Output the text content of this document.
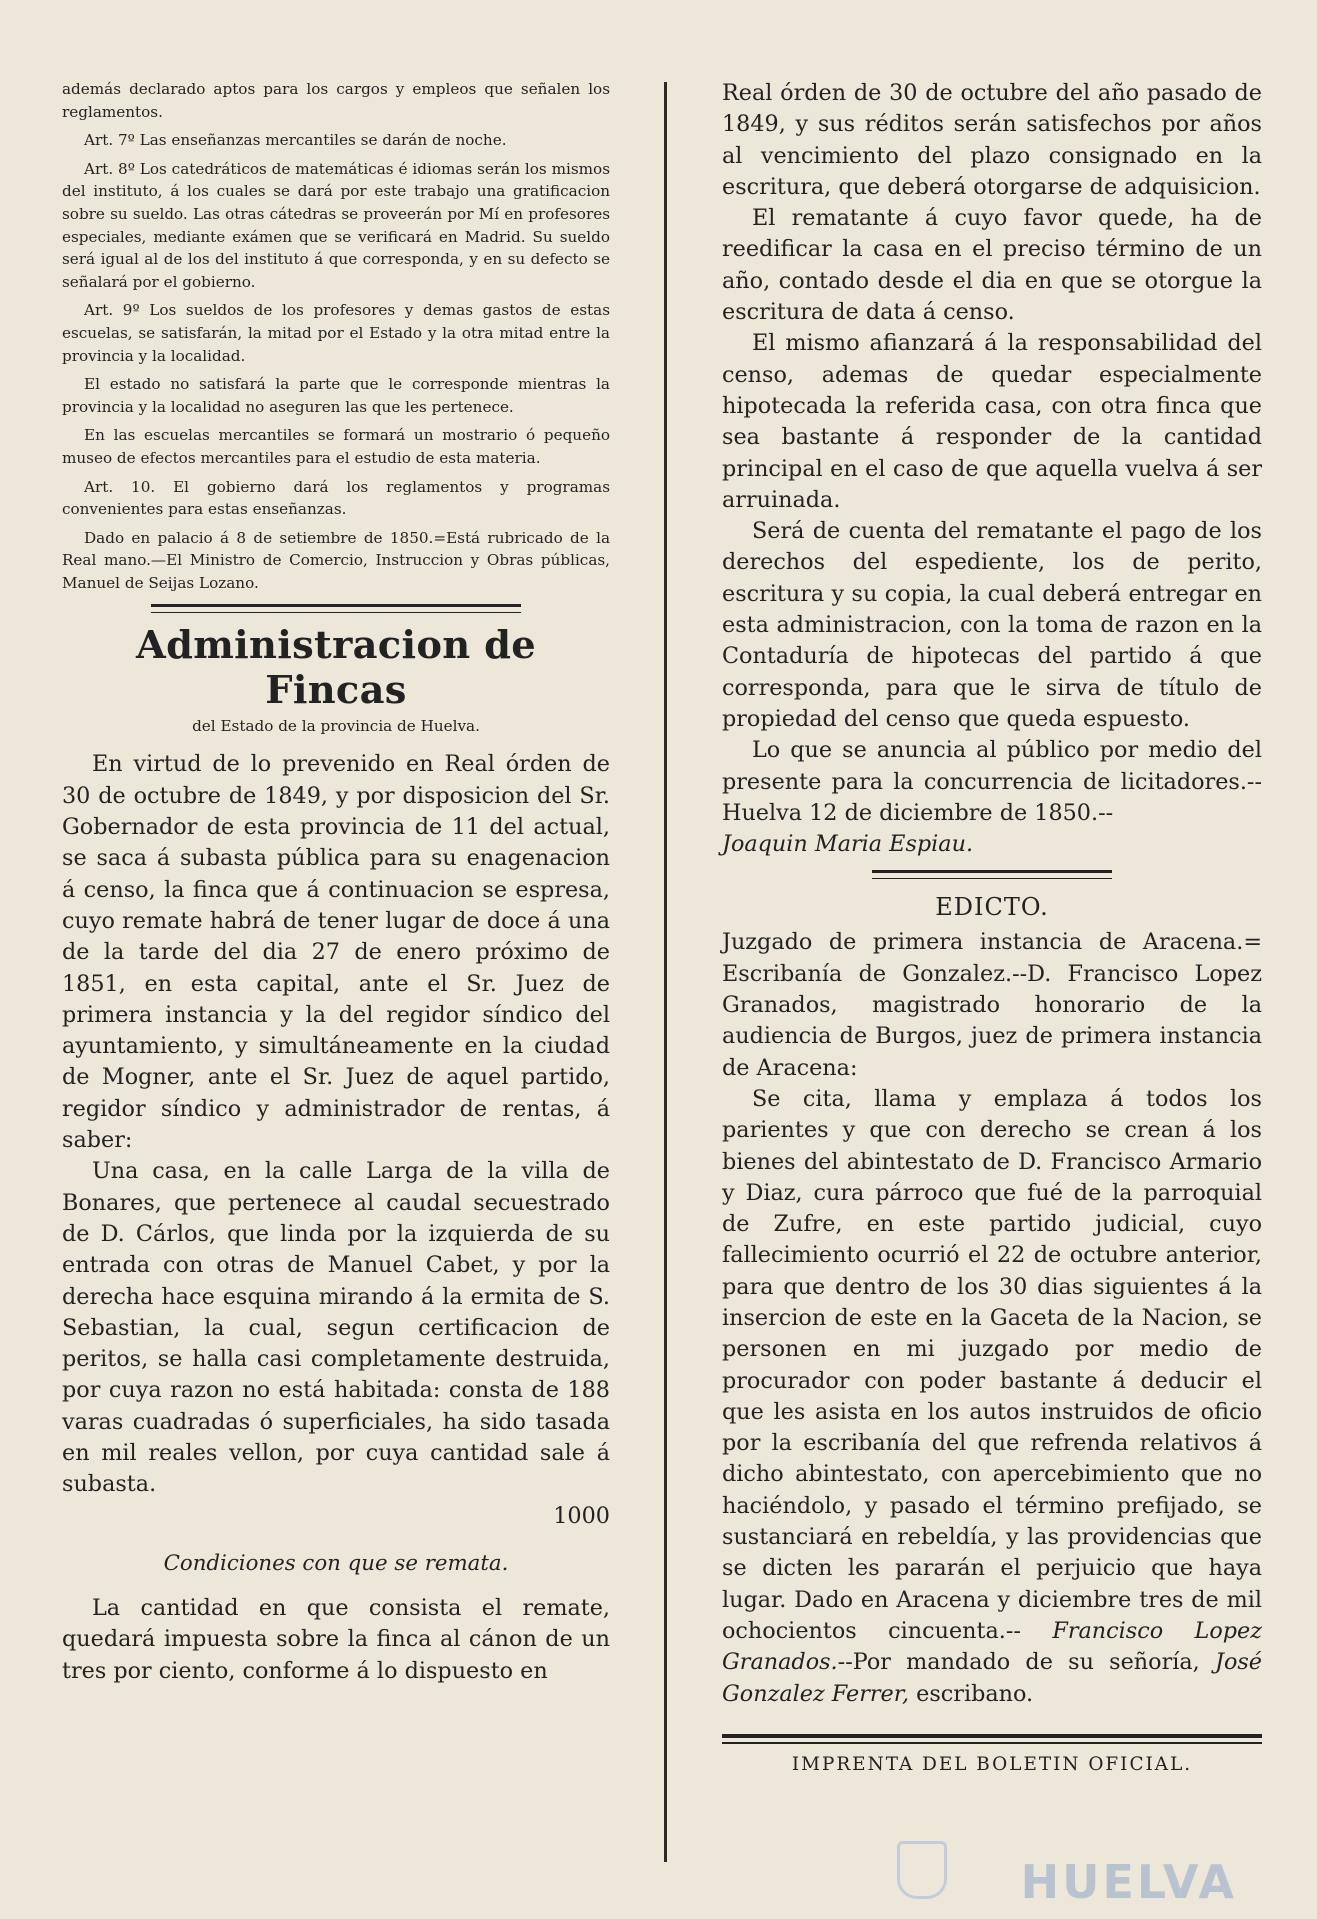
además declarado aptos para los cargos y empleos que señalen los reglamentos.

Art. 7º Las enseñanzas mercantiles se darán de noche.

Art. 8º Los catedráticos de matemáticas é idiomas serán los mismos del instituto, á los cuales se dará por este trabajo una gratificacion sobre su sueldo. Las otras cátedras se proveerán por Mí en profesores especiales, mediante exámen que se verificará en Madrid. Su sueldo será igual al de los del instituto á que corresponda, y en su defecto se señalará por el gobierno.

Art. 9º Los sueldos de los profesores y demas gastos de estas escuelas, se satisfarán, la mitad por el Estado y la otra mitad entre la provincia y la localidad.

El estado no satisfará la parte que le corresponde mientras la provincia y la localidad no aseguren las que les pertenece.

En las escuelas mercantiles se formará un mostrario ó pequeño museo de efectos mercantiles para el estudio de esta materia.

Art. 10. El gobierno dará los reglamentos y programas convenientes para estas enseñanzas.

Dado en palacio á 8 de setiembre de 1850.=Está rubricado de la Real mano.—El Ministro de Comercio, Instruccion y Obras públicas, Manuel de Seijas Lozano.

Administracion de Fincas
del Estado de la provincia de Huelva.

En virtud de lo prevenido en Real órden de 30 de octubre de 1849, y por disposicion del Sr. Gobernador de esta provincia de 11 del actual, se saca á subasta pública para su enagenacion á censo, la finca que á continuacion se espresa, cuyo remate habrá de tener lugar de doce á una de la tarde del dia 27 de enero próximo de 1851, en esta capital, ante el Sr. Juez de primera instancia y la del regidor síndico del ayuntamiento, y simultáneamente en la ciudad de Mogner, ante el Sr. Juez de aquel partido, regidor síndico y administrador de rentas, á saber:

Una casa, en la calle Larga de la villa de Bonares, que pertenece al caudal secuestrado de D. Cárlos, que linda por la izquierda de su entrada con otras de Manuel Cabet, y por la derecha hace esquina mirando á la ermita de S. Sebastian, la cual, segun certificacion de peritos, se halla casi completamente destruida, por cuya razon no está habitada: consta de 188 varas cuadradas ó superficiales, ha sido tasada en mil reales vellon, por cuya cantidad sale á subasta.

1000
Condiciones con que se remata.

La cantidad en que consista el remate, quedará impuesta sobre la finca al cánon de un tres por ciento, conforme á lo dispuesto en

Real órden de 30 de octubre del año pasado de 1849, y sus réditos serán satisfechos por años al vencimiento del plazo consignado en la escritura, que deberá otorgarse de adquisicion.

El rematante á cuyo favor quede, ha de reedificar la casa en el preciso término de un año, contado desde el dia en que se otorgue la escritura de data á censo.

El mismo afianzará á la responsabilidad del censo, ademas de quedar especialmente hipotecada la referida casa, con otra finca que sea bastante á responder de la cantidad principal en el caso de que aquella vuelva á ser arruinada.

Será de cuenta del rematante el pago de los derechos del espediente, los de perito, escritura y su copia, la cual deberá entregar en esta administracion, con la toma de razon en la Contaduría de hipotecas del partido á que corresponda, para que le sirva de título de propiedad del censo que queda espuesto.

Lo que se anuncia al público por medio del presente para la concurrencia de licitadores.--Huelva 12 de diciembre de 1850.--

Joaquin Maria Espiau.

EDICTO.

Juzgado de primera instancia de Aracena.= Escribanía de Gonzalez.--D. Francisco Lopez Granados, magistrado honorario de la audiencia de Burgos, juez de primera instancia de Aracena:

Se cita, llama y emplaza á todos los parientes y que con derecho se crean á los bienes del abintestato de D. Francisco Armario y Diaz, cura párroco que fué de la parroquial de Zufre, en este partido judicial, cuyo fallecimiento ocurrió el 22 de octubre anterior, para que dentro de los 30 dias siguientes á la insercion de este en la Gaceta de la Nacion, se personen en mi juzgado por medio de procurador con poder bastante á deducir el que les asista en los autos instruidos de oficio por la escribanía del que refrenda relativos á dicho abintestato, con apercebimiento que no haciéndolo, y pasado el término prefijado, se sustanciará en rebeldía, y las providencias que se dicten les pararán el perjuicio que haya lugar. Dado en Aracena y diciembre tres de mil ochocientos cincuenta.-- Francisco Lopez Granados.--Por mandado de su señoría, José Gonzalez Ferrer, escribano.

IMPRENTA DEL BOLETIN OFICIAL.
HUELVA
